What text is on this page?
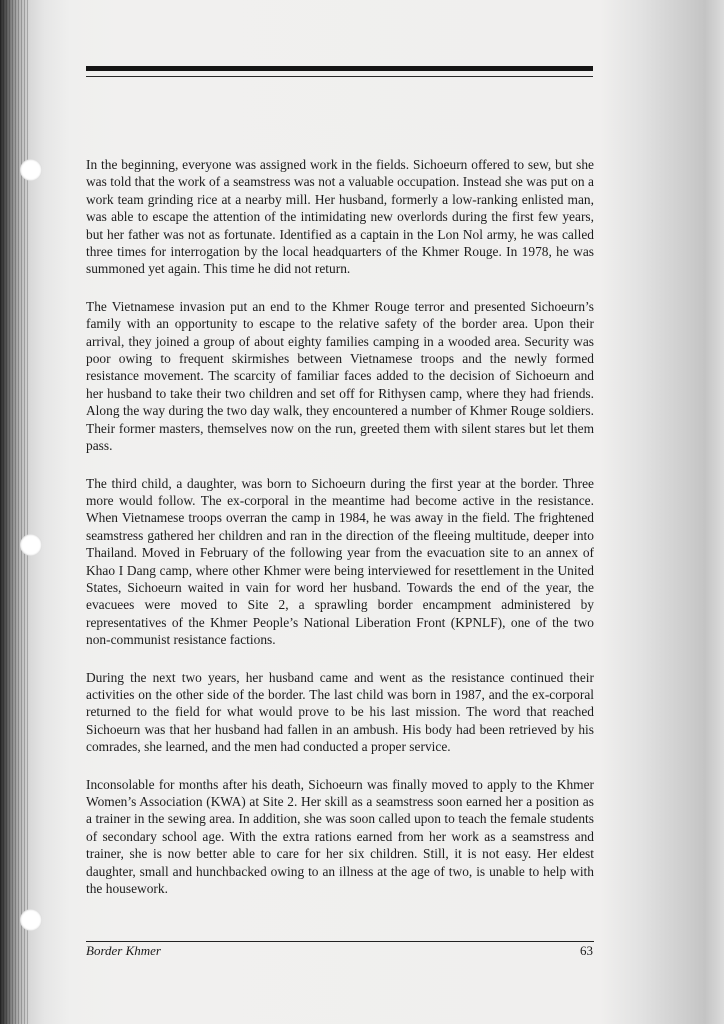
In the beginning, everyone was assigned work in the fields. Sichoeurn offered to sew, but she was told that the work of a seamstress was not a valuable occupation. Instead she was put on a work team grinding rice at a nearby mill. Her husband, formerly a low-ranking enlisted man, was able to escape the attention of the intimidating new overlords during the first few years, but her father was not as fortunate. Identified as a captain in the Lon Nol army, he was called three times for interrogation by the local headquarters of the Khmer Rouge. In 1978, he was summoned yet again. This time he did not return.

The Vietnamese invasion put an end to the Khmer Rouge terror and presented Sichoeurn’s family with an opportunity to escape to the relative safety of the border area. Upon their arrival, they joined a group of about eighty families camping in a wooded area. Security was poor owing to frequent skirmishes between Vietnamese troops and the newly formed resistance movement. The scarcity of familiar faces added to the decision of Sichoeurn and her husband to take their two children and set off for Rithysen camp, where they had friends. Along the way during the two day walk, they encountered a number of Khmer Rouge soldiers. Their former masters, themselves now on the run, greeted them with silent stares but let them pass.

The third child, a daughter, was born to Sichoeurn during the first year at the border. Three more would follow. The ex-corporal in the meantime had become active in the resistance. When Vietnamese troops overran the camp in 1984, he was away in the field. The frightened seamstress gathered her children and ran in the direction of the fleeing multitude, deeper into Thailand. Moved in February of the following year from the evacuation site to an annex of Khao I Dang camp, where other Khmer were being interviewed for resettlement in the United States, Sichoeurn waited in vain for word her husband. Towards the end of the year, the evacuees were moved to Site 2, a sprawling border encampment administered by representatives of the Khmer People’s National Liberation Front (KPNLF), one of the two non-communist resistance factions.

During the next two years, her husband came and went as the resistance continued their activities on the other side of the border. The last child was born in 1987, and the ex-corporal returned to the field for what would prove to be his last mission. The word that reached Sichoeurn was that her husband had fallen in an ambush. His body had been retrieved by his comrades, she learned, and the men had conducted a proper service.

Inconsolable for months after his death, Sichoeurn was finally moved to apply to the Khmer Women’s Association (KWA) at Site 2. Her skill as a seamstress soon earned her a position as a trainer in the sewing area. In addition, she was soon called upon to teach the female students of secondary school age. With the extra rations earned from her work as a seamstress and trainer, she is now better able to care for her six children. Still, it is not easy. Her eldest daughter, small and hunchbacked owing to an illness at the age of two, is unable to help with the housework.

Border Khmer	63
